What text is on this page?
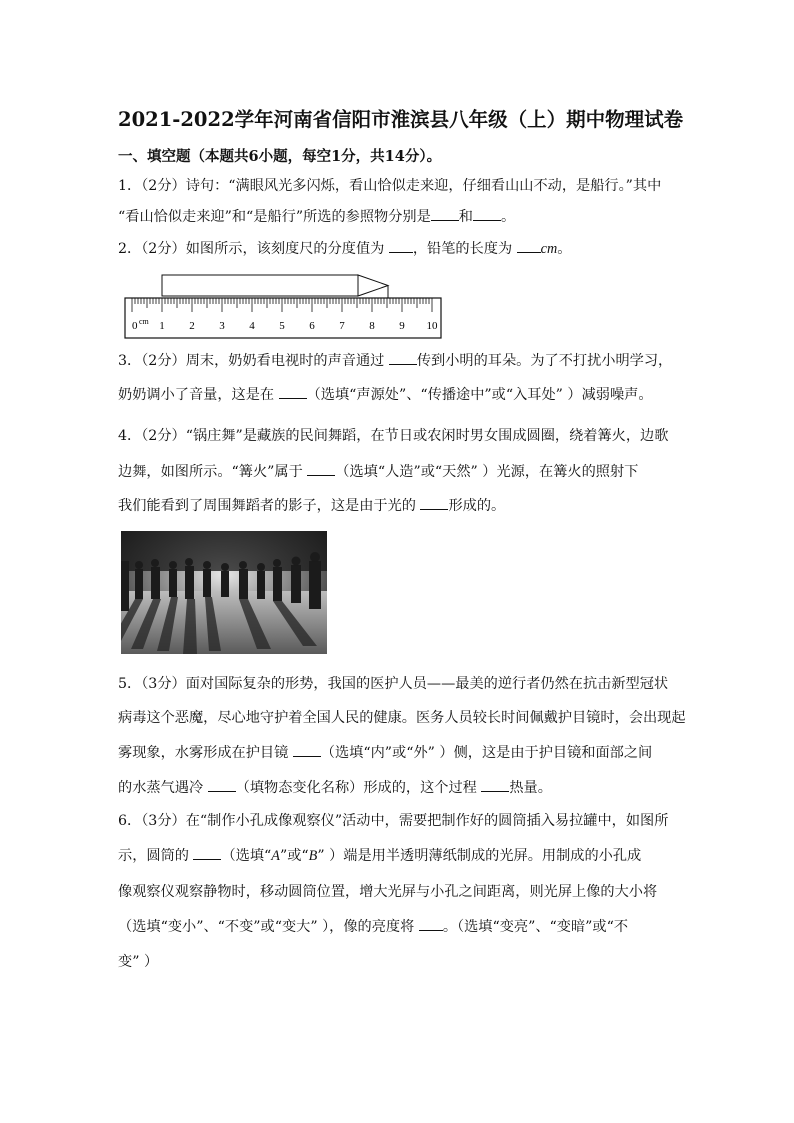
2021-2022学年河南省信阳市淮滨县八年级（上）期中物理试卷
一、填空题（本题共6小题，每空1分，共14分）。
1．（2分）诗句：“满眼风光多闪烁，看山恰似走来迎，仔细看山山不动，是船行。”其中
“看山恰似走来迎”和“是船行”所选的参照物分别是 和 。
2．（2分）如图所示，该刻度尺的分度值为 ，铅笔的长度为 cm。
0 1 2 3 4 5 6 7 8 9 10
cm
3．（2分）周末，奶奶看电视时的声音通过 传到小明的耳朵。为了不打扰小明学习，
奶奶调小了音量，这是在 （选填“声源处”、“传播途中”或“入耳处” ）减弱噪声。
4．（2分）“锅庄舞”是藏族的民间舞蹈，在节日或农闲时男女围成圆圈，绕着篝火，边歌
边舞，如图所示。“篝火”属于 （选填“人造”或“天然” ）光源，在篝火的照射下
我们能看到了周围舞蹈者的影子，这是由于光的 形成的。
5．（3分）面对国际复杂的形势，我国的医护人员——最美的逆行者仍然在抗击新型冠状
病毒这个恶魔，尽心地守护着全国人民的健康。医务人员较长时间佩戴护目镜时，会出现起
雾现象，水雾形成在护目镜 （选填“内”或“外” ）侧，这是由于护目镜和面部之间
的水蒸气遇冷 （填物态变化名称）形成的，这个过程 热量。
6．（3分）在“制作小孔成像观察仪”活动中，需要把制作好的圆筒插入易拉罐中，如图所
示，圆筒的 （选填“A”或“B” ）端是用半透明薄纸制成的光屏。用制成的小孔成
像观察仪观察静物时，移动圆筒位置，增大光屏与小孔之间距离，则光屏上像的大小将
（选填“变小”、“不变”或“变大” ），像的亮度将 。（选填“变亮”、“变暗”或“不
变” ）
